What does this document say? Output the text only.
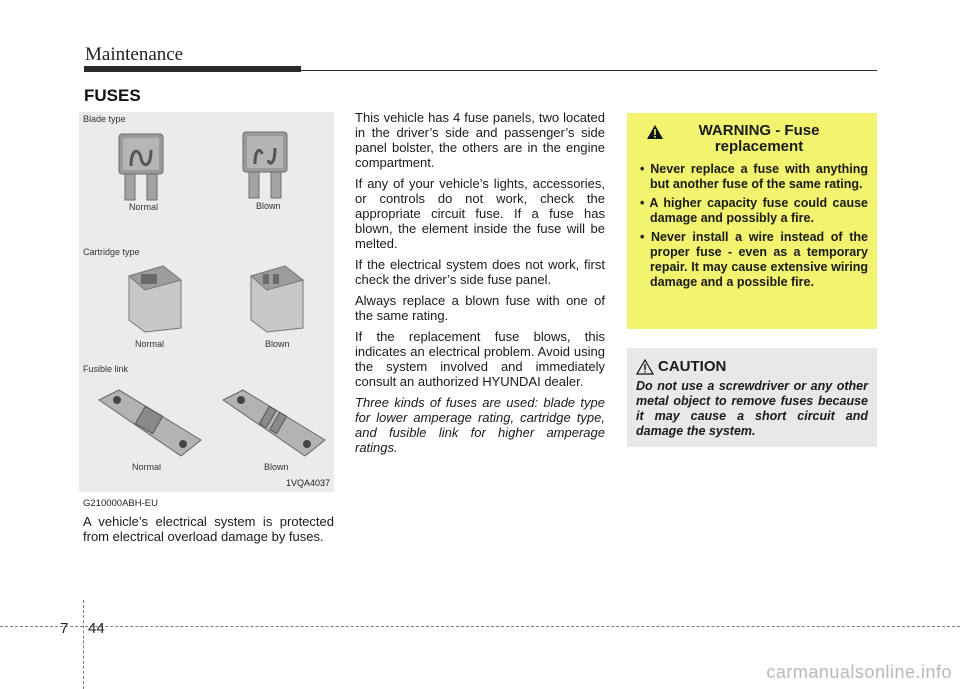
Maintenance
FUSES
Blade type
Normal	Blown
Cartridge type
Normal	Blown
Fusible link
Normal	Blown
1VQA4037
G210000ABH-EU
A vehicle’s electrical system is protected from electrical overload damage by fuses.

This vehicle has 4 fuse panels, two located in the driver’s side and passenger’s side panel bolster, the others are in the engine compartment.

If any of your vehicle’s lights, accessories, or controls do not work, check the appropriate circuit fuse. If a fuse has blown, the element inside the fuse will be melted.

If the electrical system does not work, first check the driver’s side fuse panel.

Always replace a blown fuse with one of the same rating.

If the replacement fuse blows, this indicates an electrical problem. Avoid using the system involved and immediately consult an authorized HYUNDAI dealer.

Three kinds of fuses are used: blade type for lower amperage rating, cartridge type, and fusible link for higher amperage ratings.

WARNING - Fuse replacement
• Never replace a fuse with anything but another fuse of the same rating.
• A higher capacity fuse could cause damage and possibly a fire.
• Never install a wire instead of the proper fuse - even as a temporary repair. It may cause extensive wiring damage and a possible fire.
CAUTION
Do not use a screwdriver or any other metal object to remove fuses because it may cause a short circuit and damage the system.
7 44
carmanualsonline.info
